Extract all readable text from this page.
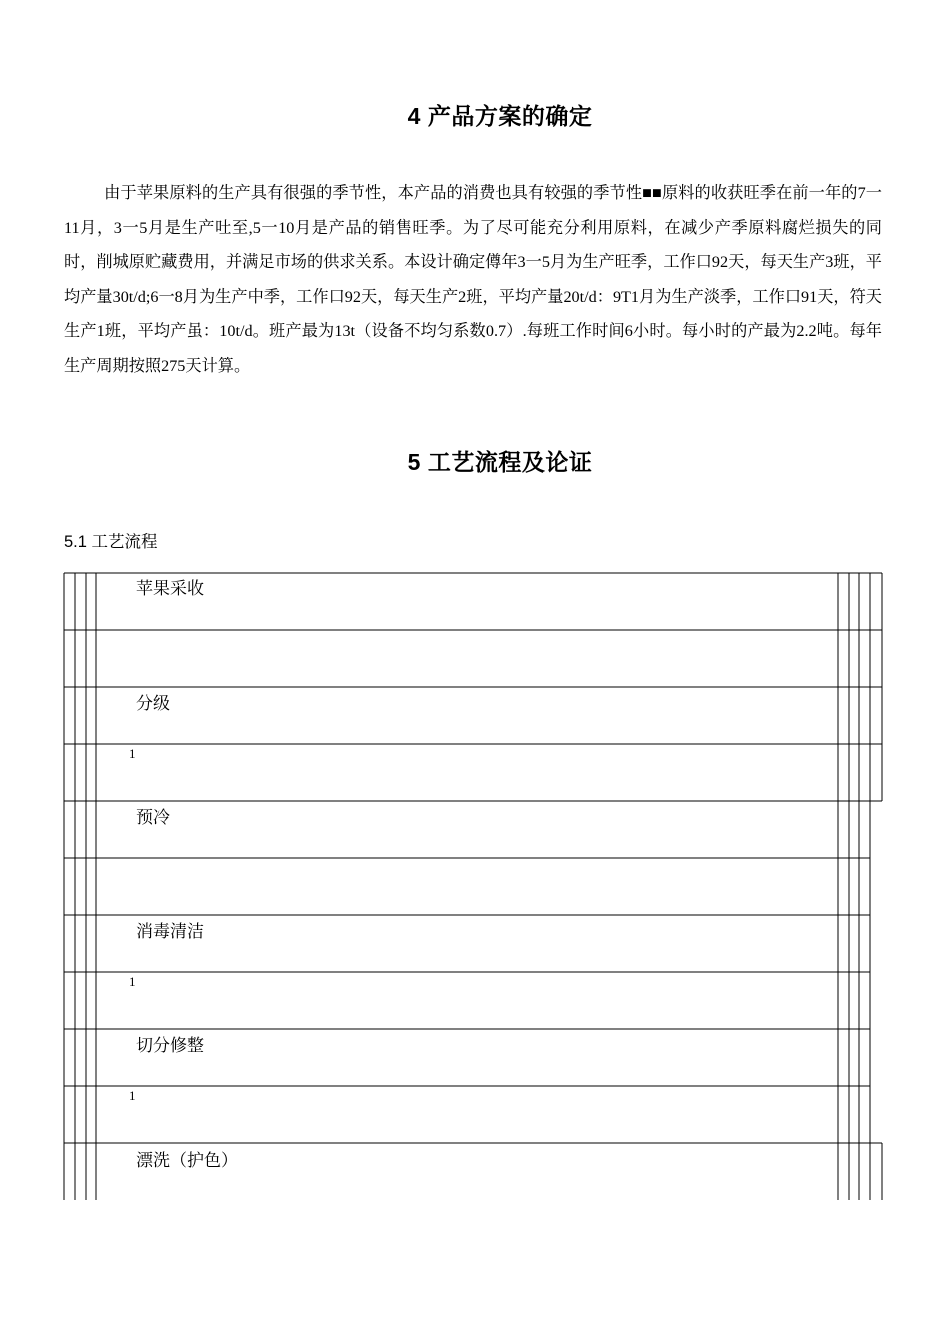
4 产品方案的确定

由于苹果原料的生产具有很强的季节性，本产品的消费也具有较强的季节性■■原料的收获旺季在前一年的7一11月，3一5月是生产吐至,5一10月是产品的销售旺季。为了尽可能充分利用原料，在减少产季原料腐烂损失的同时，削城原贮藏费用，并满足市场的供求关系。本设计确定僔年3一5月为生产旺季，工作口92天，每天生产3班，平均产量30t/d;6一8月为生产中季，工作口92天，每天生产2班，平均产量20t/d：9T1月为生产淡季，工作口91天，符天生产1班，平均产虽：10t/d。班产最为13t（设备不均匀系数0.7）.每班工作时间6小时。每小时的产最为2.2吨。每年生产周期按照275天计算。

5 工艺流程及论证
5.1 工艺流程
苹果采收
分级
1
预冷
消毒清洁
1
切分修整
1
漂洗（护色）
